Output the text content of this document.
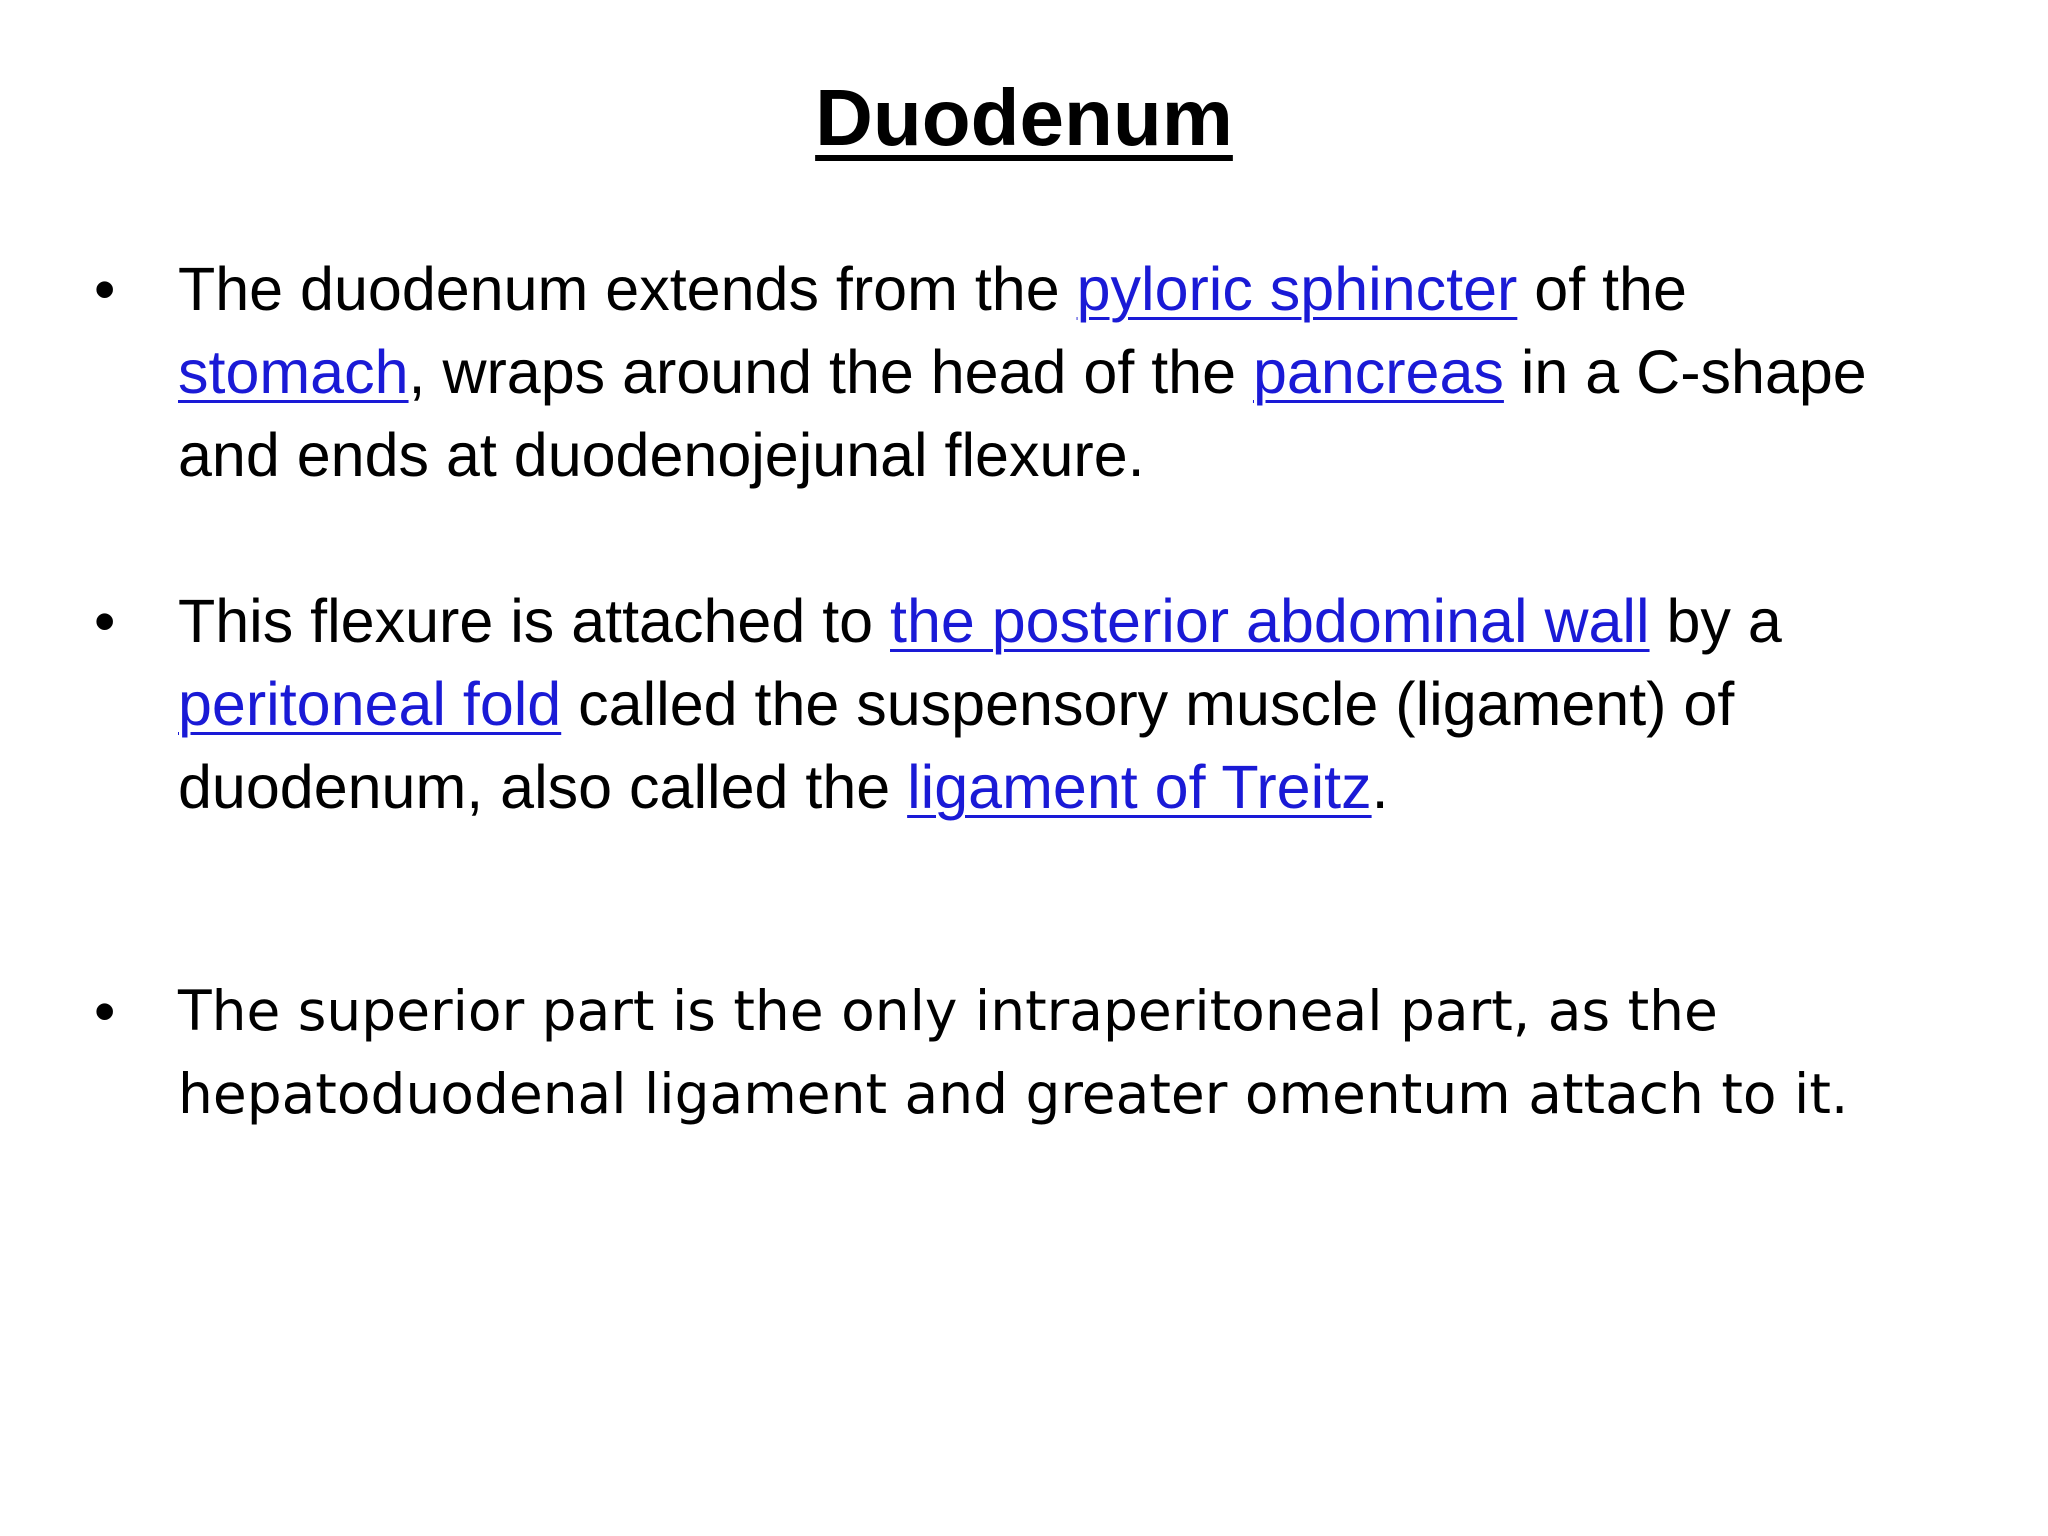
Duodenum
• The duodenum extends from the pyloric sphincter of the stomach, wraps around the head of the pancreas in a C-shape and ends at duodenojejunal flexure.
• This flexure is attached to the posterior abdominal wall by a peritoneal fold called the suspensory muscle (ligament) of duodenum, also called the ligament of Treitz.
• The superior part is the only intraperitoneal part, as the hepatoduodenal ligament and greater omentum attach to it.
